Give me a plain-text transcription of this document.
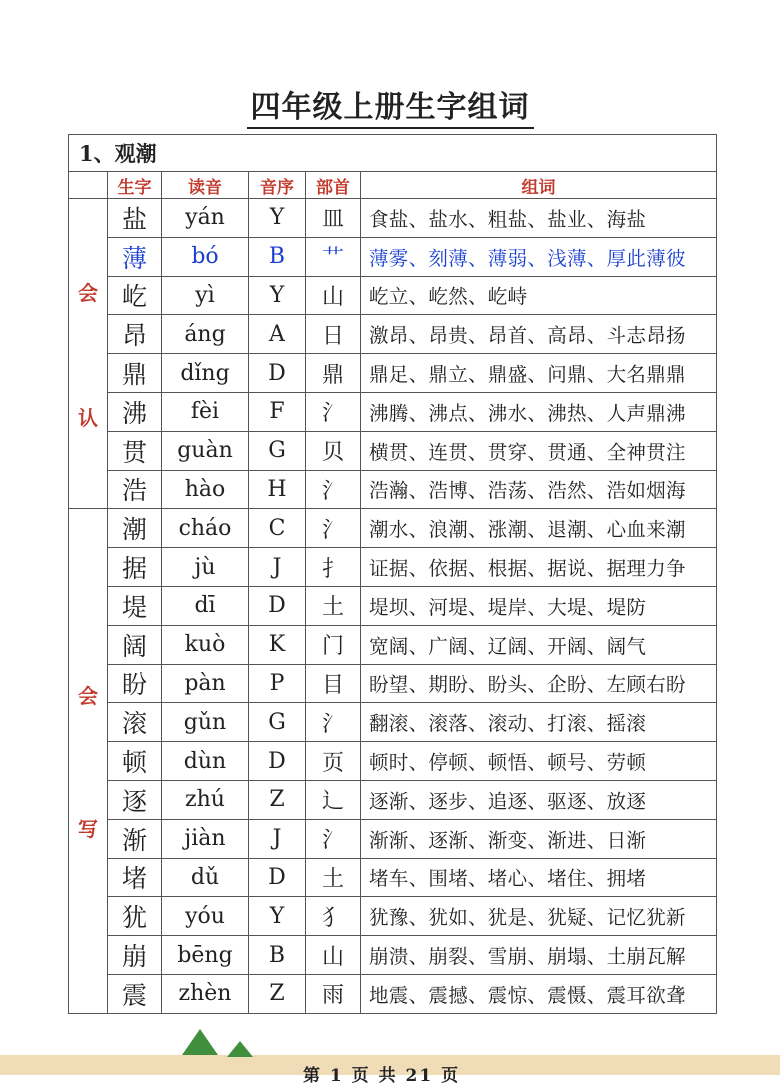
四年级上册生字组词
1、观潮					
	生字	读音	音序	部首	组词

会
认	盐	yán	Y	皿	食盐、盐水、粗盐、盐业、海盐
	薄	bó	B	艹	薄雾、刻薄、薄弱、浅薄、厚此薄彼
	屹	yì	Y	山	屹立、屹然、屹峙
	昂	áng	A	日	激昂、昂贵、昂首、高昂、斗志昂扬
	鼎	dǐng	D	鼎	鼎足、鼎立、鼎盛、问鼎、大名鼎鼎
	沸	fèi	F	氵	沸腾、沸点、沸水、沸热、人声鼎沸
	贯	guàn	G	贝	横贯、连贯、贯穿、贯通、全神贯注
	浩	hào	H	氵	浩瀚、浩博、浩荡、浩然、浩如烟海

会
写	潮	cháo	C	氵	潮水、浪潮、涨潮、退潮、心血来潮
	据	jù	J	扌	证据、依据、根据、据说、据理力争
	堤	dī	D	土	堤坝、河堤、堤岸、大堤、堤防
	阔	kuò	K	门	宽阔、广阔、辽阔、开阔、阔气
	盼	pàn	P	目	盼望、期盼、盼头、企盼、左顾右盼
	滚	gǔn	G	氵	翻滚、滚落、滚动、打滚、摇滚
	顿	dùn	D	页	顿时、停顿、顿悟、顿号、劳顿
	逐	zhú	Z	辶	逐渐、逐步、追逐、驱逐、放逐
	渐	jiàn	J	氵	渐渐、逐渐、渐变、渐进、日渐
	堵	dǔ	D	土	堵车、围堵、堵心、堵住、拥堵
	犹	yóu	Y	犭	犹豫、犹如、犹是、犹疑、记忆犹新
	崩	bēng	B	山	崩溃、崩裂、雪崩、崩塌、土崩瓦解
	震	zhèn	Z	雨	地震、震撼、震惊、震慑、震耳欲聋
第 1 页 共 21 页
